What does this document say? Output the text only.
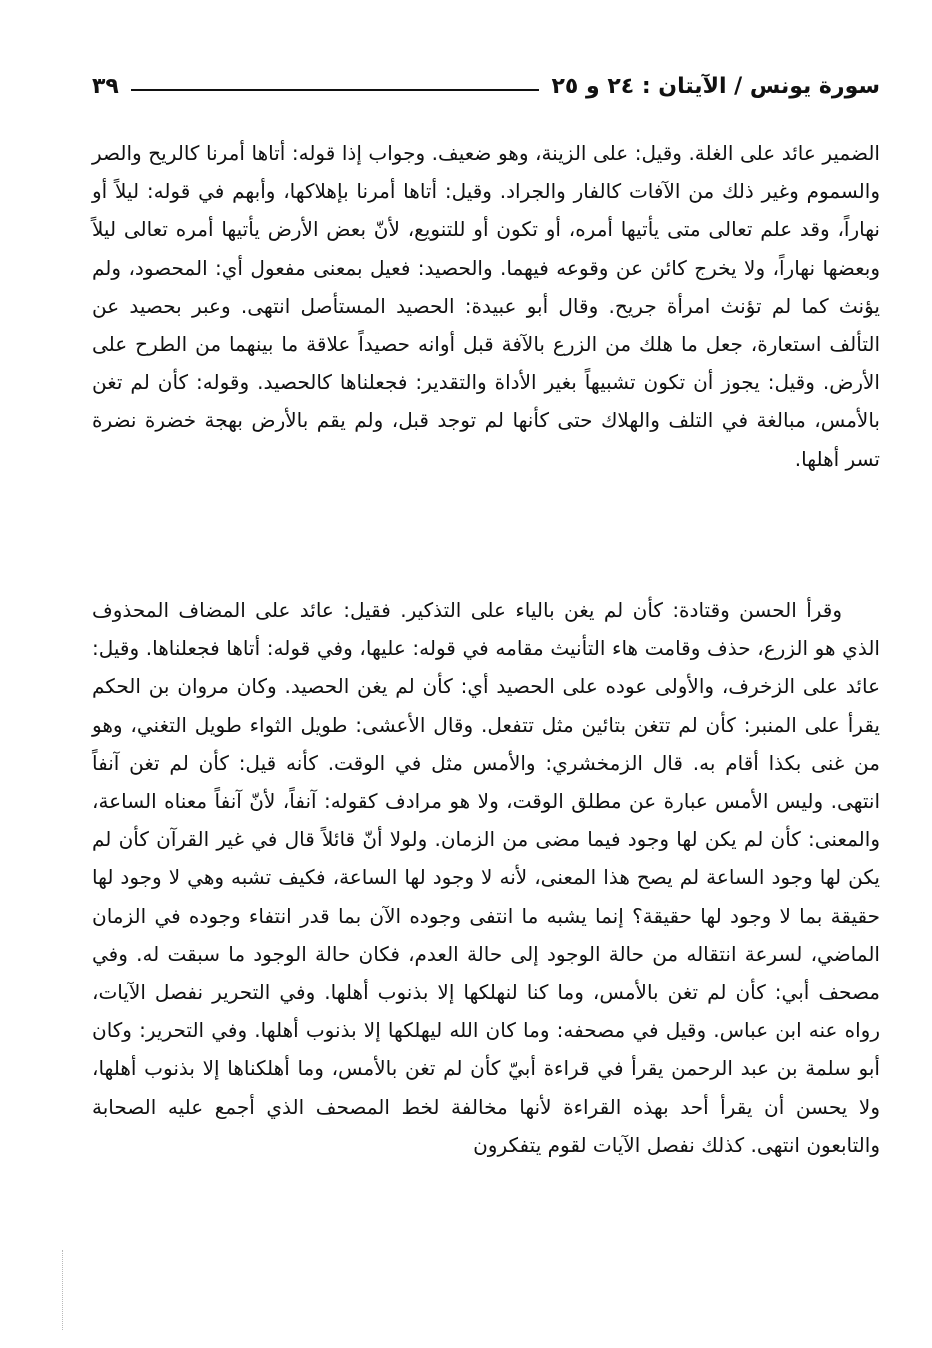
سورة يونس / الآيتان : ٢٤ و ٢٥
٣٩

الضمير عائد على الغلة. وقيل: على الزينة، وهو ضعيف. وجواب إذا قوله: أتاها أمرنا كالريح والصر والسموم وغير ذلك من الآفات كالفار والجراد. وقيل: أتاها أمرنا بإهلاكها، وأبهم في قوله: ليلاً أو نهاراً، وقد علم تعالى متى يأتيها أمره، أو تكون أو للتنويع، لأنّ بعض الأرض يأتيها أمره تعالى ليلاً وبعضها نهاراً، ولا يخرج كائن عن وقوعه فيهما. والحصيد: فعيل بمعنى مفعول أي: المحصود، ولم يؤنث كما لم تؤنث امرأة جريح. وقال أبو عبيدة: الحصيد المستأصل انتهى. وعبر بحصيد عن التألف استعارة، جعل ما هلك من الزرع بالآفة قبل أوانه حصيداً علاقة ما بينهما من الطرح على الأرض. وقيل: يجوز أن تكون تشبيهاً بغير الأداة والتقدير: فجعلناها كالحصيد. وقوله: كأن لم تغن بالأمس، مبالغة في التلف والهلاك حتى كأنها لم توجد قبل، ولم يقم بالأرض بهجة خضرة نضرة تسر أهلها.

وقرأ الحسن وقتادة: كأن لم يغن بالياء على التذكير. فقيل: عائد على المضاف المحذوف الذي هو الزرع، حذف وقامت هاء التأنيث مقامه في قوله: عليها، وفي قوله: أتاها فجعلناها. وقيل: عائد على الزخرف، والأولى عوده على الحصيد أي: كأن لم يغن الحصيد. وكان مروان بن الحكم يقرأ على المنبر: كأن لم تتغن بتائين مثل تتفعل. وقال الأعشى: طويل الثواء طويل التغني، وهو من غنى بكذا أقام به. قال الزمخشري: والأمس مثل في الوقت. كأنه قيل: كأن لم تغن آنفاً انتهى. وليس الأمس عبارة عن مطلق الوقت، ولا هو مرادف كقوله: آنفاً، لأنّ آنفاً معناه الساعة، والمعنى: كأن لم يكن لها وجود فيما مضى من الزمان. ولولا أنّ قائلاً قال في غير القرآن كأن لم يكن لها وجود الساعة لم يصح هذا المعنى، لأنه لا وجود لها الساعة، فكيف تشبه وهي لا وجود لها حقيقة بما لا وجود لها حقيقة؟ إنما يشبه ما انتفى وجوده الآن بما قدر انتفاء وجوده في الزمان الماضي، لسرعة انتقاله من حالة الوجود إلى حالة العدم، فكان حالة الوجود ما سبقت له. وفي مصحف أبي: كأن لم تغن بالأمس، وما كنا لنهلكها إلا بذنوب أهلها. وفي التحرير نفصل الآيات، رواه عنه ابن عباس. وقيل في مصحفه: وما كان الله ليهلكها إلا بذنوب أهلها. وفي التحرير: وكان أبو سلمة بن عبد الرحمن يقرأ في قراءة أبيّ كأن لم تغن بالأمس، وما أهلكناها إلا بذنوب أهلها، ولا يحسن أن يقرأ أحد بهذه القراءة لأنها مخالفة لخط المصحف الذي أجمع عليه الصحابة والتابعون انتهى. كذلك نفصل الآيات لقوم يتفكرون
